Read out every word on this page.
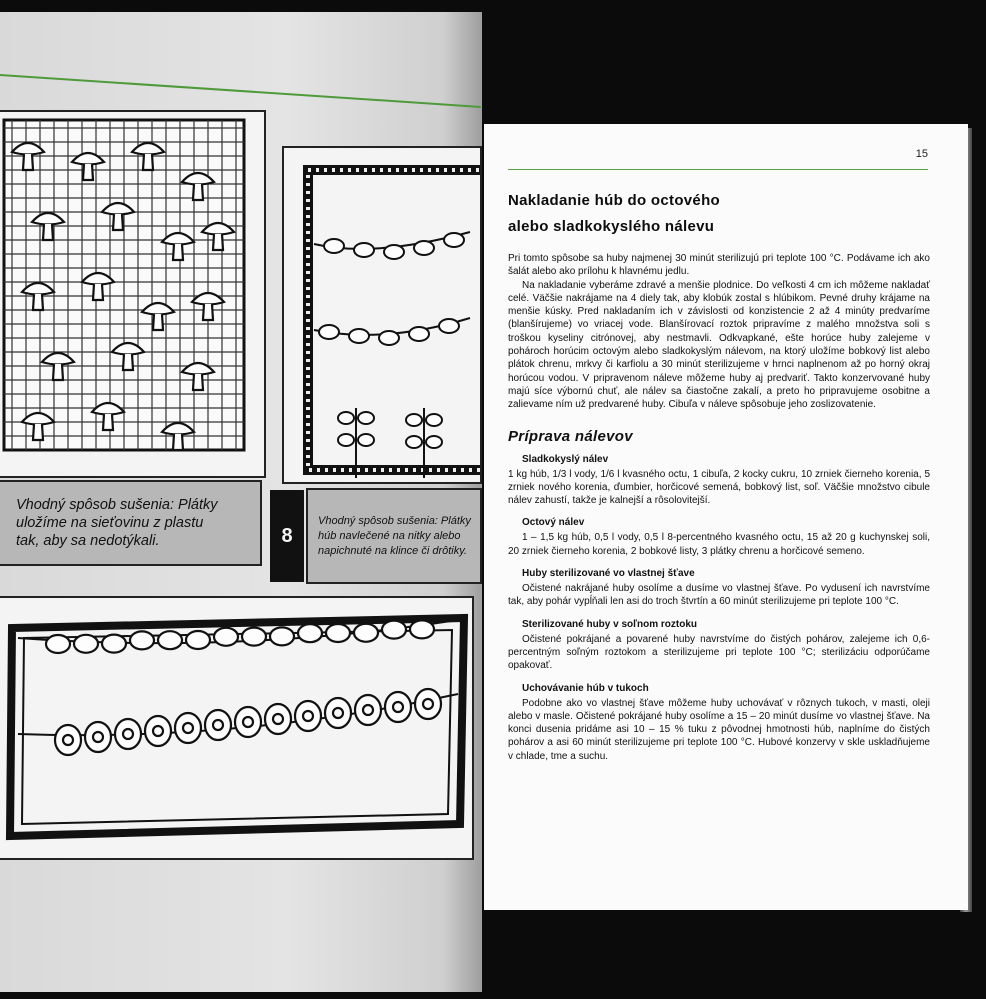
Vhodný spôsob sušenia: Plátky
uložíme na sieťovinu z plastu
tak, aby sa nedotýkali.	8
Vhodný spôsob sušenia: Plátky
húb navlečené na nitky alebo
napichnuté na klince či drôtiky.
15
Nakladanie húb do octového
alebo sladkokyslého nálevu

Pri tomto spôsobe sa huby najmenej 30 minút sterilizujú pri teplote 100 °C. Podávame ich ako šalát alebo ako prílohu k hlavnému jedlu.

Na nakladanie vyberáme zdravé a menšie plodnice. Do veľkosti 4 cm ich môžeme nakladať celé. Väčšie nakrájame na 4 diely tak, aby klobúk zostal s hlúbikom. Pevné druhy krájame na menšie kúsky. Pred nakladaním ich v závislosti od konzistencie 2 až 4 minúty predvaríme (blanšírujeme) vo vriacej vode. Blanšírovací roztok pripravíme z malého množstva soli s troškou kyseliny citrónovej, aby nestmavli. Odkvapkané, ešte horúce huby zalejeme v pohároch horúcim octovým alebo sladkokyslým nálevom, na ktorý uložíme bobkový list alebo plátok chrenu, mrkvy či karfiolu a 30 minút sterilizujeme v hrnci naplnenom až po horný okraj horúcou vodou. V pripravenom náleve môžeme huby aj predvariť. Takto konzervované huby majú síce výbornú chuť, ale nálev sa čiastočne zakalí, a preto ho pripravujeme osobitne a zalievame ním už predvarené huby. Cibuľa v náleve spôsobuje jeho zoslizovatenie.

Príprava nálevov
Sladkokyslý nálev

1 kg húb, 1/3 l vody, 1/6 l kvasného octu, 1 cibuľa, 2 kocky cukru, 10 zrniek čierneho korenia, 5 zrniek nového korenia, ďumbier, horčicové semená, bobkový list, soľ. Väčšie množstvo cibule nálev zahustí, takže je kalnejší a rôsolovitejší.

Octový nálev

1 – 1,5 kg húb, 0,5 l vody, 0,5 l 8-percentného kvasného octu, 15 až 20 g kuchynskej soli, 20 zrniek čierneho korenia, 2 bobkové listy, 3 plátky chrenu a horčicové semeno.

Huby sterilizované vo vlastnej šťave

Očistené nakrájané huby osolíme a dusíme vo vlastnej šťave. Po vydusení ich navrstvíme tak, aby pohár vypĺňali len asi do troch štvrtín a 60 minút sterilizujeme pri teplote 100 °C.

Sterilizované huby v soľnom roztoku

Očistené pokrájané a povarené huby navrstvíme do čistých pohárov, zalejeme ich 0,6-percentným soľným roztokom a sterilizujeme pri teplote 100 °C; sterilizáciu odporúčame opakovať.

Uchovávanie húb v tukoch

Podobne ako vo vlastnej šťave môžeme huby uchovávať v rôznych tukoch, v masti, oleji alebo v masle. Očistené pokrájané huby osolíme a 15 – 20 minút dusíme vo vlastnej šťave. Na konci dusenia pridáme asi 10 – 15 % tuku z pôvodnej hmotnosti húb, naplníme do čistých pohárov a asi 60 minút sterilizujeme pri teplote 100 °C. Hubové konzervy v skle uskladňujeme v chlade, tme a suchu.
